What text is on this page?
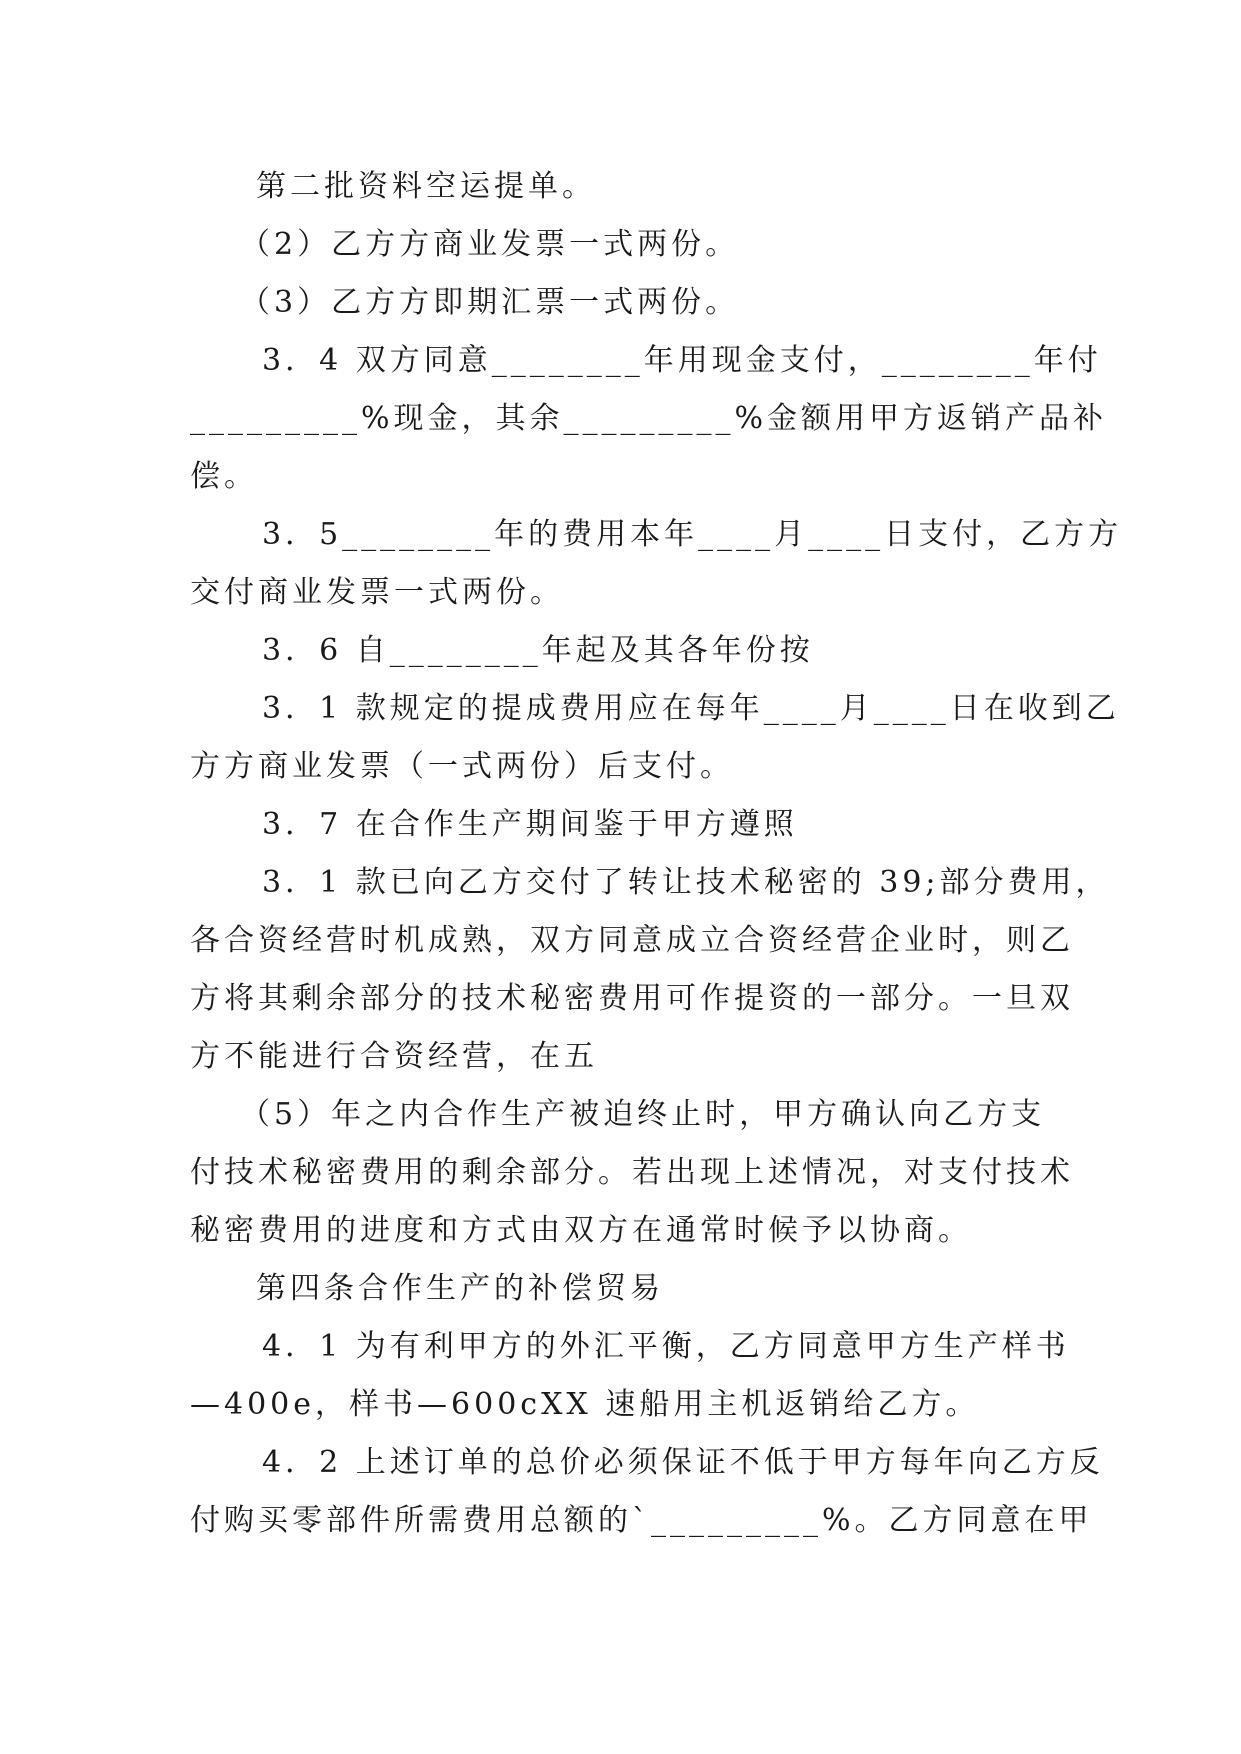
第二批资料空运提单。
（2）乙方方商业发票一式两份。
（3）乙方方即期汇票一式两份。
3．4 双方同意________年用现金支付，________年付
_________%现金，其余_________%金额用甲方返销产品补
偿。
3．5________年的费用本年____月____日支付，乙方方
交付商业发票一式两份。
3．6 自________年起及其各年份按
3．1 款规定的提成费用应在每年____月____日在收到乙
方方商业发票（一式两份）后支付。
3．7 在合作生产期间鉴于甲方遵照
3．1 款已向乙方交付了转让技术秘密的 39;部分费用，
各合资经营时机成熟，双方同意成立合资经营企业时，则乙
方将其剩余部分的技术秘密费用可作提资的一部分。一旦双
方不能进行合资经营，在五
（5）年之内合作生产被迫终止时，甲方确认向乙方支
付技术秘密费用的剩余部分。若出现上述情况，对支付技术
秘密费用的进度和方式由双方在通常时候予以协商。
第四条合作生产的补偿贸易
4．1 为有利甲方的外汇平衡，乙方同意甲方生产样书
—400e，样书—600cXX 速船用主机返销给乙方。
4．2 上述订单的总价必须保证不低于甲方每年向乙方反
付购买零部件所需费用总额的`_________%。乙方同意在甲
